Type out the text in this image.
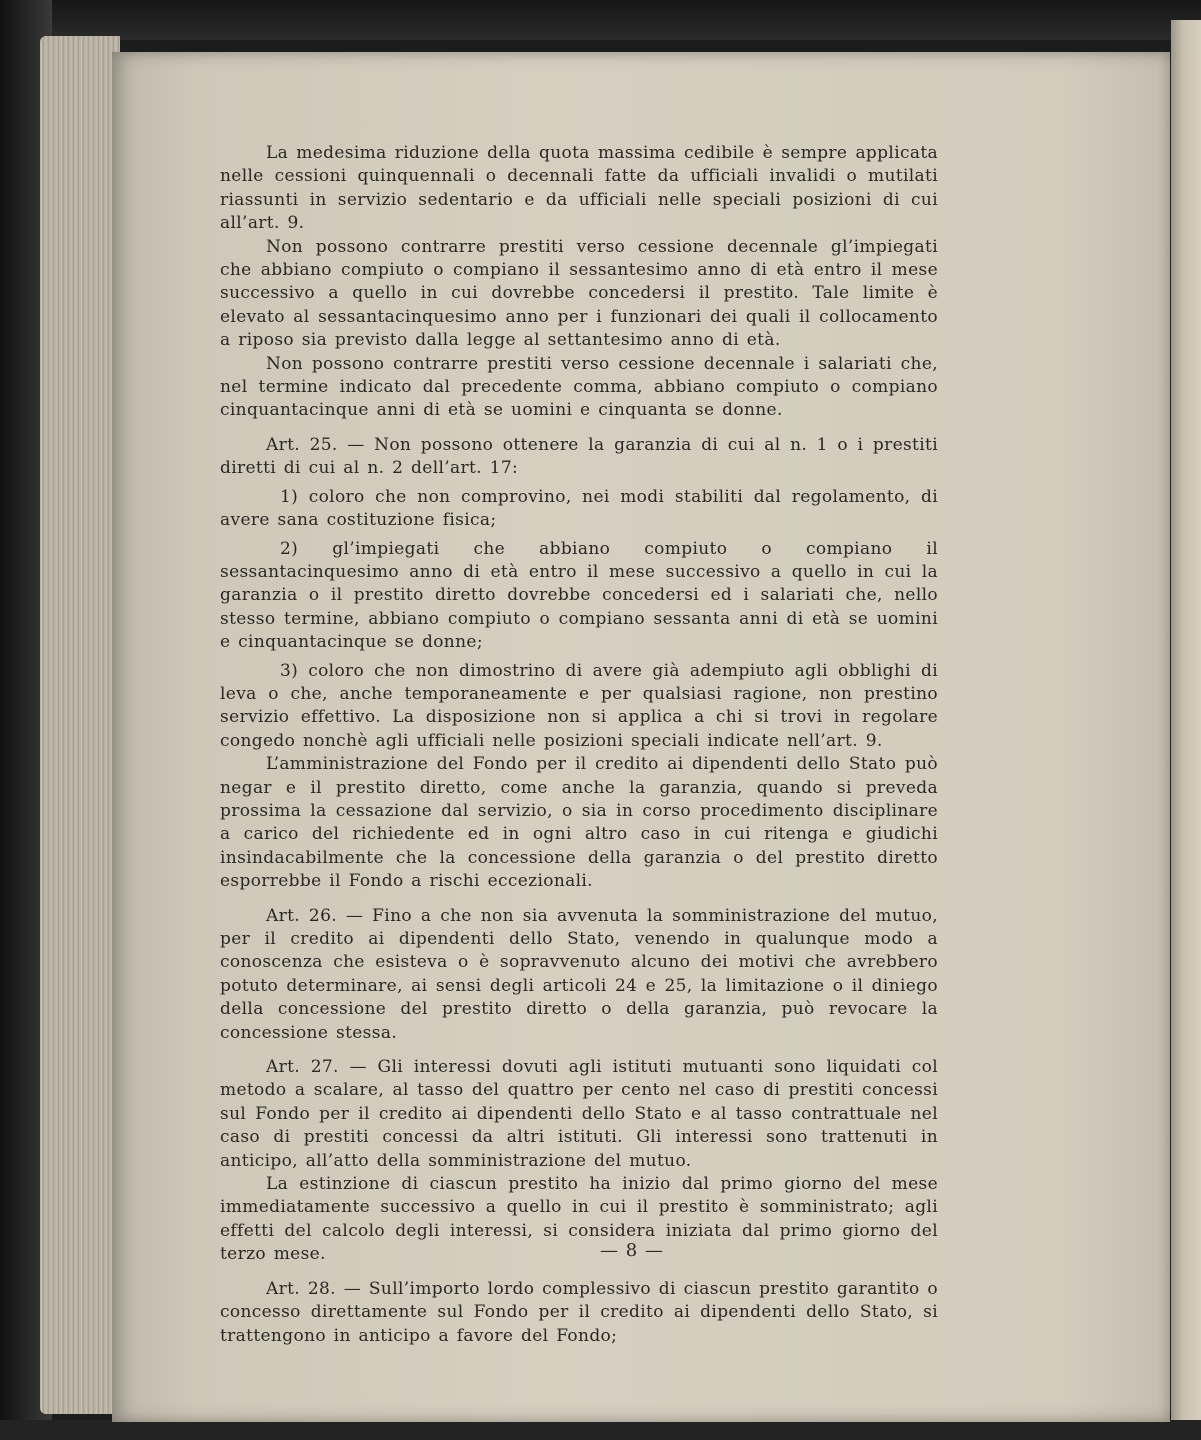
La medesima riduzione della quota massima cedibile è sempre applicata nelle cessioni quinquennali o decennali fatte da ufficiali invalidi o mutilati riassunti in servizio sedentario e da ufficiali nelle speciali posizioni di cui all’art. 9.

Non possono contrarre prestiti verso cessione decennale gl’impiegati che abbiano compiuto o compiano il sessantesimo anno di età entro il mese successivo a quello in cui dovrebbe concedersi il prestito. Tale limite è elevato al sessantacinquesimo anno per i funzionari dei quali il collocamento a riposo sia previsto dalla legge al settantesimo anno di età.

Non possono contrarre prestiti verso cessione decennale i salariati che, nel termine indicato dal precedente comma, abbiano compiuto o compiano cinquantacinque anni di età se uomini e cinquanta se donne.

Art. 25. — Non possono ottenere la garanzia di cui al n. 1 o i prestiti diretti di cui al n. 2 dell’art. 17:

1) coloro che non comprovino, nei modi stabiliti dal regolamento, di avere sana costituzione fisica;

2) gl’impiegati che abbiano compiuto o compiano il sessantacinquesimo anno di età entro il mese successivo a quello in cui la garanzia o il prestito diretto dovrebbe concedersi ed i salariati che, nello stesso termine, abbiano compiuto o compiano sessanta anni di età se uomini e cinquantacinque se donne;

3) coloro che non dimostrino di avere già adempiuto agli obblighi di leva o che, anche temporaneamente e per qualsiasi ragione, non prestino servizio effettivo. La disposizione non si applica a chi si trovi in regolare congedo nonchè agli ufficiali nelle posizioni speciali indicate nell’art. 9.

L’amministrazione del Fondo per il credito ai dipendenti dello Stato può negar e il prestito diretto, come anche la garanzia, quando si preveda prossima la cessazione dal servizio, o sia in corso procedimento disciplinare a carico del richiedente ed in ogni altro caso in cui ritenga e giudichi insindacabilmente che la concessione della garanzia o del prestito diretto esporrebbe il Fondo a rischi eccezionali.

Art. 26. — Fino a che non sia avvenuta la somministrazione del mutuo, per il credito ai dipendenti dello Stato, venendo in qualunque modo a conoscenza che esisteva o è sopravvenuto alcuno dei motivi che avrebbero potuto determinare, ai sensi degli articoli 24 e 25, la limitazione o il diniego della concessione del prestito diretto o della garanzia, può revocare la concessione stessa.

Art. 27. — Gli interessi dovuti agli istituti mutuanti sono liquidati col metodo a scalare, al tasso del quattro per cento nel caso di prestiti concessi sul Fondo per il credito ai dipendenti dello Stato e al tasso contrattuale nel caso di prestiti concessi da altri istituti. Gli interessi sono trattenuti in anticipo, all’atto della somministrazione del mutuo.

La estinzione di ciascun prestito ha inizio dal primo giorno del mese immediatamente successivo a quello in cui il prestito è somministrato; agli effetti del calcolo degli interessi, si considera iniziata dal primo giorno del terzo mese.

Art. 28. — Sull’importo lordo complessivo di ciascun prestito garantito o concesso direttamente sul Fondo per il credito ai dipendenti dello Stato, si trattengono in anticipo a favore del Fondo;

— 8 —
